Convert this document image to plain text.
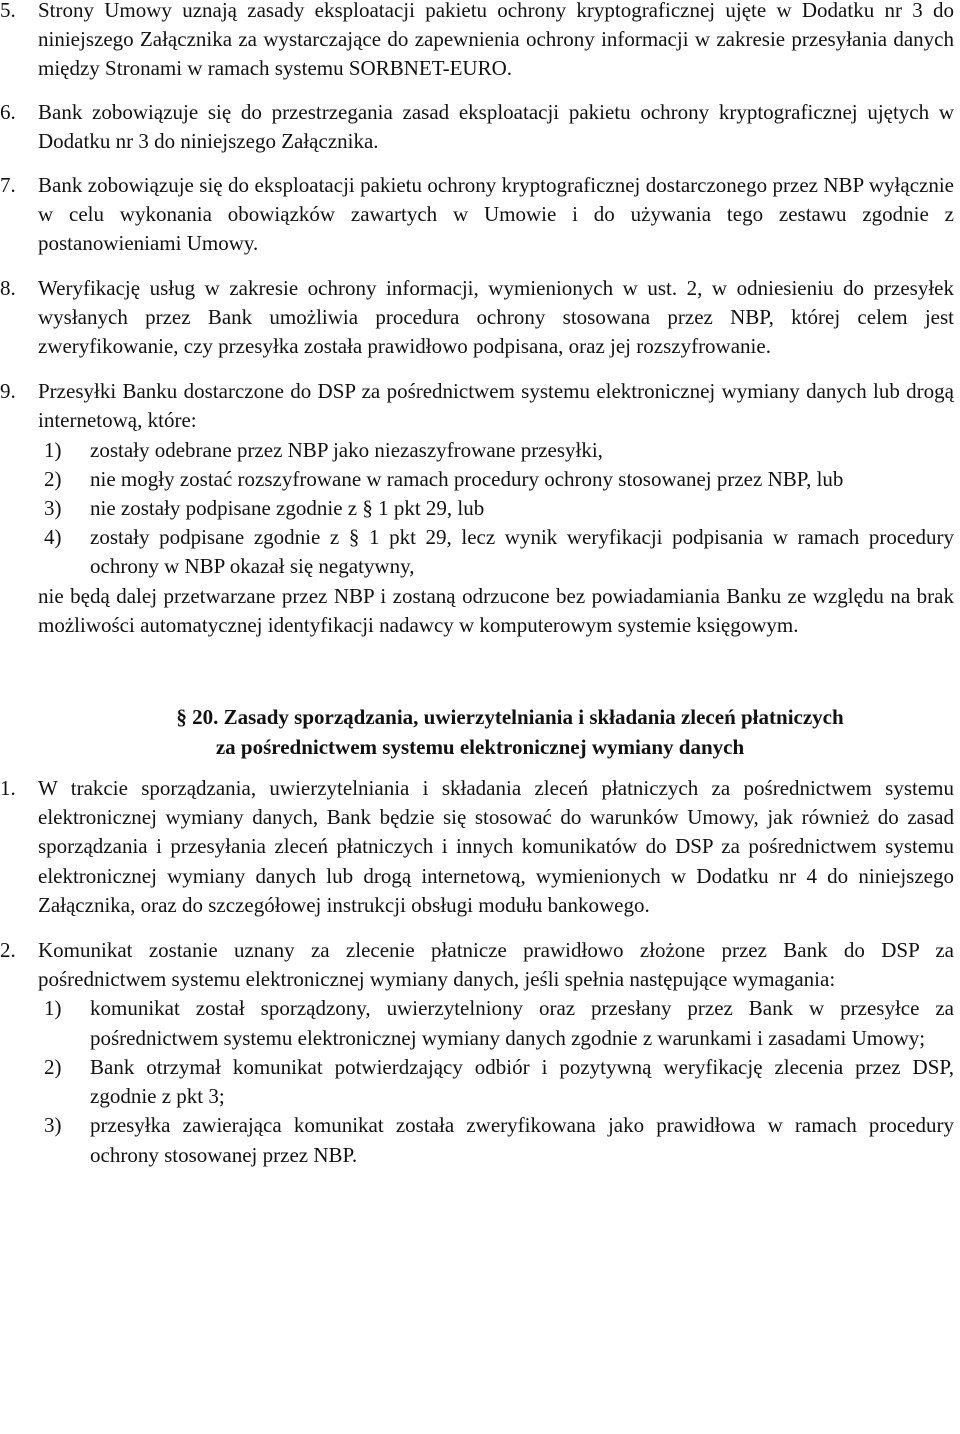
5. Strony Umowy uznają zasady eksploatacji pakietu ochrony kryptograficznej ujęte w Dodatku nr 3 do niniejszego Załącznika za wystarczające do zapewnienia ochrony informacji w zakresie przesyłania danych między Stronami w ramach systemu SORBNET-EURO.
6. Bank zobowiązuje się do przestrzegania zasad eksploatacji pakietu ochrony kryptograficznej ujętych w Dodatku nr 3 do niniejszego Załącznika.
7. Bank zobowiązuje się do eksploatacji pakietu ochrony kryptograficznej dostarczonego przez NBP wyłącznie w celu wykonania obowiązków zawartych w Umowie i do używania tego zestawu zgodnie z postanowieniami Umowy.
8. Weryfikację usług w zakresie ochrony informacji, wymienionych w ust. 2, w odniesieniu do przesyłek wysłanych przez Bank umożliwia procedura ochrony stosowana przez NBP, której celem jest zweryfikowanie, czy przesyłka została prawidłowo podpisana, oraz jej rozszyfrowanie.
9. Przesyłki Banku dostarczone do DSP za pośrednictwem systemu elektronicznej wymiany danych lub drogą internetową, które:
1) zostały odebrane przez NBP jako niezaszyfrowane przesyłki,
2) nie mogły zostać rozszyfrowane w ramach procedury ochrony stosowanej przez NBP, lub
3) nie zostały podpisane zgodnie z § 1 pkt 29, lub
4) zostały podpisane zgodnie z § 1 pkt 29, lecz wynik weryfikacji podpisania w ramach procedury ochrony w NBP okazał się negatywny,
nie będą dalej przetwarzane przez NBP i zostaną odrzucone bez powiadamiania Banku ze względu na brak możliwości automatycznej identyfikacji nadawcy w komputerowym systemie księgowym.
§ 20. Zasady sporządzania, uwierzytelniania i składania zleceń płatniczych
za pośrednictwem systemu elektronicznej wymiany danych
1. W trakcie sporządzania, uwierzytelniania i składania zleceń płatniczych za pośrednictwem systemu elektronicznej wymiany danych, Bank będzie się stosować do warunków Umowy, jak również do zasad sporządzania i przesyłania zleceń płatniczych i innych komunikatów do DSP za pośrednictwem systemu elektronicznej wymiany danych lub drogą internetową, wymienionych w Dodatku nr 4 do niniejszego Załącznika, oraz do szczegółowej instrukcji obsługi modułu bankowego.
2. Komunikat zostanie uznany za zlecenie płatnicze prawidłowo złożone przez Bank do DSP za pośrednictwem systemu elektronicznej wymiany danych, jeśli spełnia następujące wymagania:
1) komunikat został sporządzony, uwierzytelniony oraz przesłany przez Bank w przesyłce za pośrednictwem systemu elektronicznej wymiany danych zgodnie z warunkami i zasadami Umowy;
2) Bank otrzymał komunikat potwierdzający odbiór i pozytywną weryfikację zlecenia przez DSP, zgodnie z pkt 3;
3) przesyłka zawierająca komunikat została zweryfikowana jako prawidłowa w ramach procedury ochrony stosowanej przez NBP.
